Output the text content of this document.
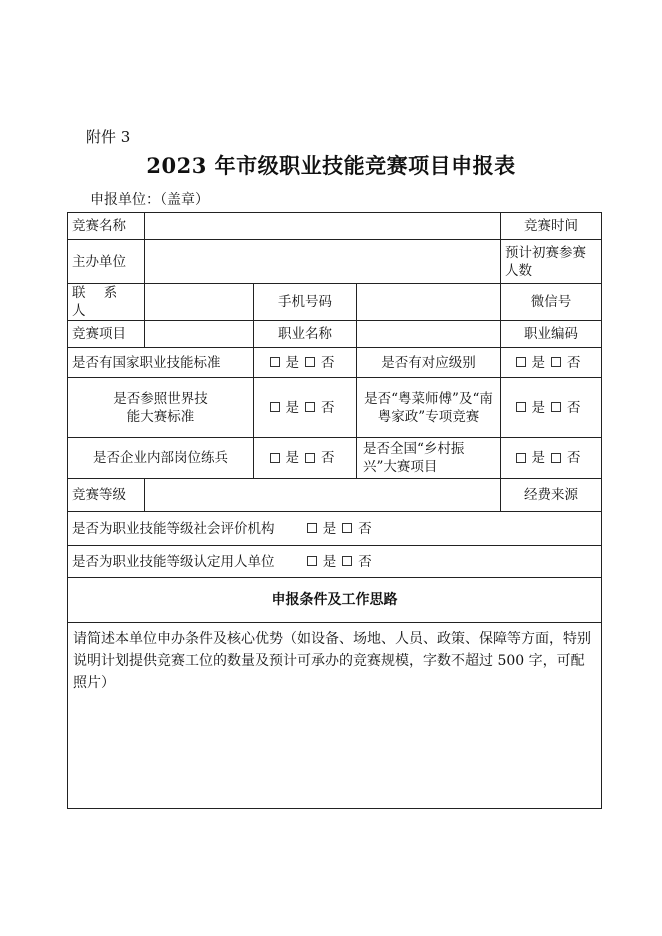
附件 3
2023 年市级职业技能竞赛项目申报表
申报单位：（盖章）
竞赛名称				竞赛时间
主办单位				预计初赛参赛人数
联 系 人		手机号码		微信号
竞赛项目		职业名称		职业编码
是否有国家职业技能标准		是 否	是否有对应级别	是 否
是否参照世界技能大赛标准		是 否	是否“粤菜师傅”及“南粤家政”专项竞赛	是 否
是否企业内部岗位练兵		是 否	是否全国“乡村振兴”大赛项目	是 否
竞赛等级				经费来源
是否为职业技能等级社会评价机构 是 否				
是否为职业技能等级认定用人单位 是 否				
申报条件及工作思路				
请简述本单位申办条件及核心优势（如设备、场地、人员、政策、保障等方面，特别说明计划提供竞赛工位的数量及预计可承办的竞赛规模，字数不超过 500 字，可配照片）				
